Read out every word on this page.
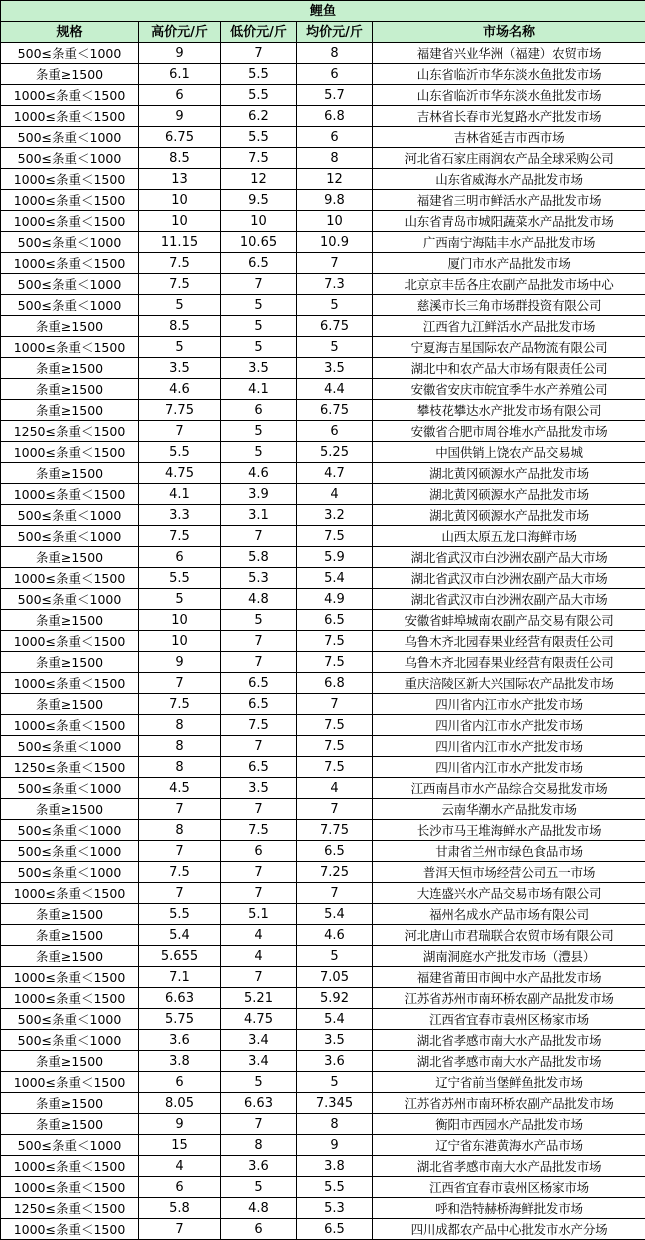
鲤鱼				
规格	高价元/斤	低价元/斤	均价元/斤	市场名称
500≤条重＜1000	9	7	8	福建省兴业华洲（福建）农贸市场
条重≥1500	6.1	5.5	6	山东省临沂市华东淡水鱼批发市场
1000≤条重＜1500	6	5.5	5.7	山东省临沂市华东淡水鱼批发市场
1000≤条重＜1500	9	6.2	6.8	吉林省长春市光复路水产批发市场
500≤条重＜1000	6.75	5.5	6	吉林省延吉市西市场
500≤条重＜1000	8.5	7.5	8	河北省石家庄雨润农产品全球采购公司
1000≤条重＜1500	13	12	12	山东省威海水产品批发市场
1000≤条重＜1500	10	9.5	9.8	福建省三明市鲜活水产品批发市场
1000≤条重＜1500	10	10	10	山东省青岛市城阳蔬菜水产品批发市场
500≤条重＜1000	11.15	10.65	10.9	广西南宁海陆丰水产品批发市场
1000≤条重＜1500	7.5	6.5	7	厦门市水产品批发市场
500≤条重＜1000	7.5	7	7.3	北京京丰岳各庄农副产品批发市场中心
500≤条重＜1000	5	5	5	慈溪市长三角市场群投资有限公司
条重≥1500	8.5	5	6.75	江西省九江鲜活水产品批发市场
1000≤条重＜1500	5	5	5	宁夏海吉星国际农产品物流有限公司
条重≥1500	3.5	3.5	3.5	湖北中和农产品大市场有限责任公司
条重≥1500	4.6	4.1	4.4	安徽省安庆市皖宜季牛水产养殖公司
条重≥1500	7.75	6	6.75	攀枝花攀达水产批发市场有限公司
1250≤条重＜1500	7	5	6	安徽省合肥市周谷堆水产品批发市场
1000≤条重＜1500	5.5	5	5.25	中国供销上饶农产品交易城
条重≥1500	4.75	4.6	4.7	湖北黄冈硕源水产品批发市场
1000≤条重＜1500	4.1	3.9	4	湖北黄冈硕源水产品批发市场
500≤条重＜1000	3.3	3.1	3.2	湖北黄冈硕源水产品批发市场
500≤条重＜1000	7.5	7	7.5	山西太原五龙口海鲜市场
条重≥1500	6	5.8	5.9	湖北省武汉市白沙洲农副产品大市场
1000≤条重＜1500	5.5	5.3	5.4	湖北省武汉市白沙洲农副产品大市场
500≤条重＜1000	5	4.8	4.9	湖北省武汉市白沙洲农副产品大市场
条重≥1500	10	5	6.5	安徽省蚌埠城南农副产品交易有限公司
1000≤条重＜1500	10	7	7.5	乌鲁木齐北园春果业经营有限责任公司
条重≥1500	9	7	7.5	乌鲁木齐北园春果业经营有限责任公司
1000≤条重＜1500	7	6.5	6.8	重庆涪陵区新大兴国际农产品批发市场
条重≥1500	7.5	6.5	7	四川省内江市水产批发市场
1000≤条重＜1500	8	7.5	7.5	四川省内江市水产批发市场
500≤条重＜1000	8	7	7.5	四川省内江市水产批发市场
1250≤条重＜1500	8	6.5	7.5	四川省内江市水产批发市场
500≤条重＜1000	4.5	3.5	4	江西南昌市水产品综合交易批发市场
条重≥1500	7	7	7	云南华潮水产品批发市场
500≤条重＜1000	8	7.5	7.75	长沙市马王堆海鲜水产品批发市场
500≤条重＜1000	7	6	6.5	甘肃省兰州市绿色食品市场
500≤条重＜1000	7.5	7	7.25	普洱天恒市场经营公司五一市场
1000≤条重＜1500	7	7	7	大连盛兴水产品交易市场有限公司
条重≥1500	5.5	5.1	5.4	福州名成水产品市场有限公司
条重≥1500	5.4	4	4.6	河北唐山市君瑞联合农贸市场有限公司
条重≥1500	5.655	4	5	湖南洞庭水产批发市场（澧县）
1000≤条重＜1500	7.1	7	7.05	福建省莆田市闽中水产品批发市场
1000≤条重＜1500	6.63	5.21	5.92	江苏省苏州市南环桥农副产品批发市场
500≤条重＜1000	5.75	4.75	5.4	江西省宜春市袁州区杨家市场
500≤条重＜1000	3.6	3.4	3.5	湖北省孝感市南大水产品批发市场
条重≥1500	3.8	3.4	3.6	湖北省孝感市南大水产品批发市场
1000≤条重＜1500	6	5	5	辽宁省前当堡鲜鱼批发市场
条重≥1500	8.05	6.63	7.345	江苏省苏州市南环桥农副产品批发市场
条重≥1500	9	7	8	衡阳市西园水产品批发市场
500≤条重＜1000	15	8	9	辽宁省东港黄海水产品市场
1000≤条重＜1500	4	3.6	3.8	湖北省孝感市南大水产品批发市场
1000≤条重＜1500	6	5	5.5	江西省宜春市袁州区杨家市场
1250≤条重＜1500	5.8	4.8	5.3	呼和浩特赫桥海鲜批发市场
1000≤条重＜1500	7	6	6.5	四川成都农产品中心批发市水产分场
